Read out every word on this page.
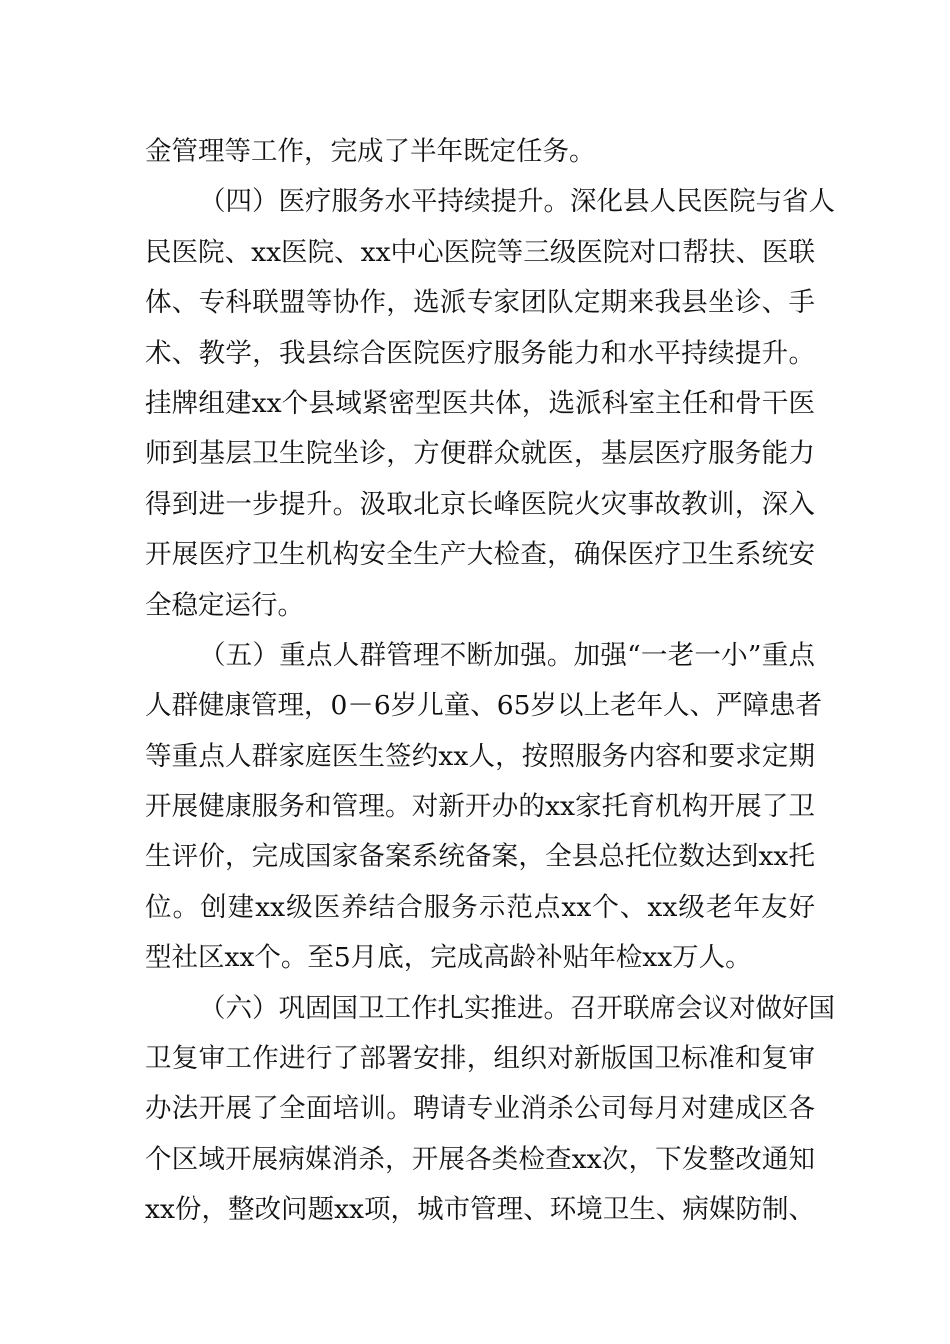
金管理等工作，完成了半年既定任务。
（四）医疗服务水平持续提升。深化县人民医院与省人
民医院、xx医院、xx中心医院等三级医院对口帮扶、医联
体、专科联盟等协作，选派专家团队定期来我县坐诊、手
术、教学，我县综合医院医疗服务能力和水平持续提升。
挂牌组建xx个县域紧密型医共体，选派科室主任和骨干医
师到基层卫生院坐诊，方便群众就医，基层医疗服务能力
得到进一步提升。汲取北京长峰医院火灾事故教训，深入
开展医疗卫生机构安全生产大检查，确保医疗卫生系统安
全稳定运行。
（五）重点人群管理不断加强。加强“一老一小”重点
人群健康管理，0－6岁儿童、65岁以上老年人、严障患者
等重点人群家庭医生签约xx人，按照服务内容和要求定期
开展健康服务和管理。对新开办的xx家托育机构开展了卫
生评价，完成国家备案系统备案，全县总托位数达到xx托
位。创建xx级医养结合服务示范点xx个、xx级老年友好
型社区xx个。至5月底，完成高龄补贴年检xx万人。
（六）巩固国卫工作扎实推进。召开联席会议对做好国
卫复审工作进行了部署安排，组织对新版国卫标准和复审
办法开展了全面培训。聘请专业消杀公司每月对建成区各
个区域开展病媒消杀，开展各类检查xx次，下发整改通知
xx份，整改问题xx项，城市管理、环境卫生、病媒防制、
